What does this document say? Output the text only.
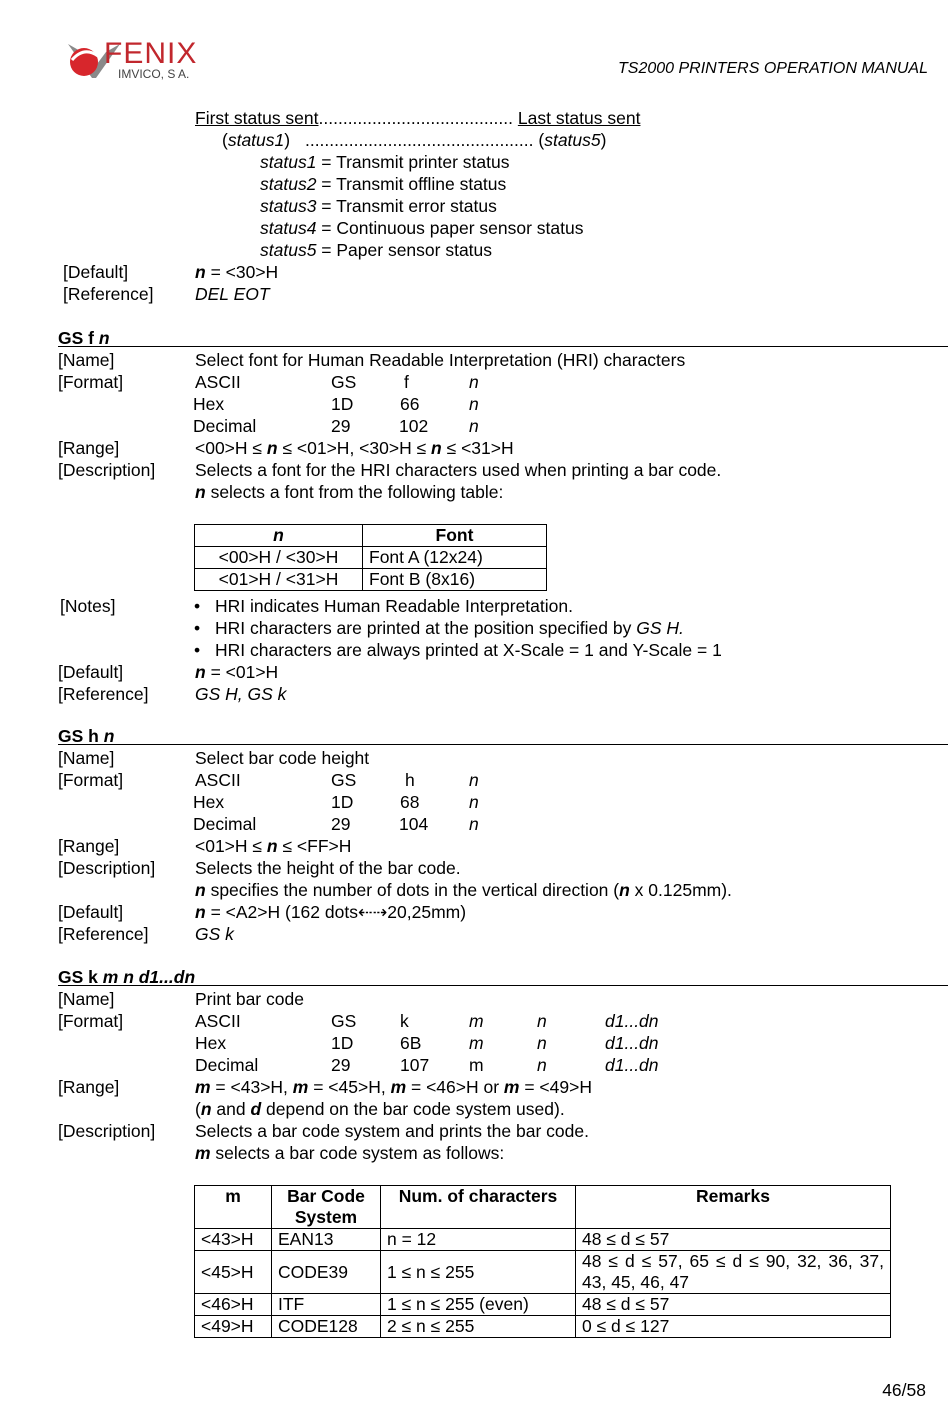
FENIX
IMVICO, S A.	TS2000 PRINTERS OPERATION MANUAL
First status sent........................................ Last status sent
(status1) ............................................... (status5)
status1 = Transmit printer status
status2 = Transmit offline status
status3 = Transmit error status
status4 = Continuous paper sensor status
status5 = Paper sensor status
[Default]	n = <30>H
[Reference] DEL EOT
GS f n
[Name]	Select font for Human Readable Interpretation (HRI) characters
[Format]	ASCII	GS	f	n
Hex	1D	66	n
Decimal	29	102 n
[Range]	<00>H ≤ n ≤ <01>H, <30>H ≤ n ≤ <31>H
[Description] Selects a font for the HRI characters used when printing a bar code.
n selects a font from the following table:
n	Font
<00>H / <30>H	Font A (12x24)
<01>H / <31>H	Font B (8x16)
[Notes]	• HRI indicates Human Readable Interpretation.
• HRI characters are printed at the position specified by GS H.
• HRI characters are always printed at X-Scale = 1 and Y-Scale = 1
[Default]	n = <01>H
[Reference]	GS H, GS k
GS h n
[Name]	Select bar code height
[Format]	ASCII	GS	h	n
Hex	1D	68	n
Decimal	29	104 n
[Range]	<01>H ≤ n ≤ <FF>H
[Description] Selects the height of the bar code.
n specifies the number of dots in the vertical direction (n x 0.125mm).
[Default]	n = <A2>H (162 dots⇠⇢20,25mm)
[Reference]	GS k
GS k m n d1...dn
[Name]	Print bar code
[Format]	ASCII	GS k	m	n	d1...dn
Hex	1D	6B	m	n	d1...dn
Decimal	29	107 m	n	d1...dn
[Range]	m = <43>H, m = <45>H, m = <46>H or m = <49>H
(n and d depend on the bar code system used).
[Description] Selects a bar code system and prints the bar code.
m selects a bar code system as follows:
m	Bar Code System	Num. of characters	Remarks
<43>H	EAN13	n = 12	48 ≤ d ≤ 57
<45>H	CODE39	1 ≤ n ≤ 255	48 ≤ d ≤ 57, 65 ≤ d ≤ 90, 32, 36, 37, 43, 45, 46, 47
<46>H	ITF	1 ≤ n ≤ 255 (even)	48 ≤ d ≤ 57
<49>H	CODE128	2 ≤ n ≤ 255	0 ≤ d ≤ 127
46/58
